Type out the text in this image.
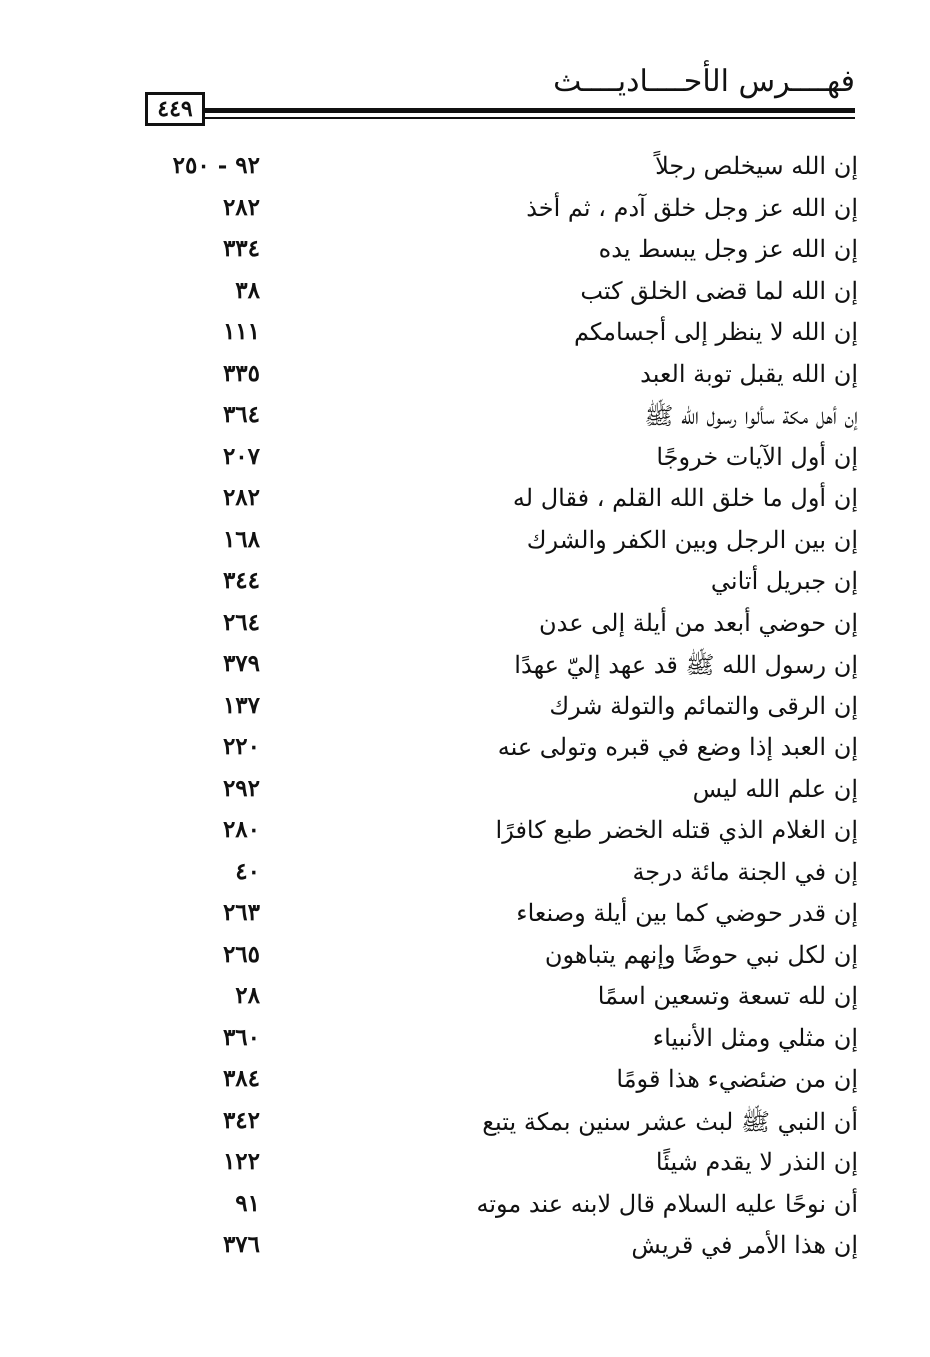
فهــــرس الأحــــاديــــث
٤٤٩
إن الله سيخلص رجلاً
٩٢ - ٢٥٠
إن الله عز وجل خلق آدم ، ثم أخذ
٢٨٢
إن الله عز وجل يبسط يده
٣٣٤
إن الله لما قضى الخلق كتب
٣٨
إن الله لا ينظر إلى أجسامكم
١١١
إن الله يقبل توبة العبد
٣٣٥
إن أهل مكة سألوا رسول الله ﷺ
٣٦٤
إن أول الآيات خروجًا
٢٠٧
إن أول ما خلق الله القلم ، فقال له
٢٨٢
إن بين الرجل وبين الكفر والشرك
١٦٨
إن جبريل أتاني
٣٤٤
إن حوضي أبعد من أيلة إلى عدن
٢٦٤
إن رسول الله ﷺ قد عهد إليّ عهدًا
٣٧٩
إن الرقى والتمائم والتولة شرك
١٣٧
إن العبد إذا وضع في قبره وتولى عنه
٢٢٠
إن علم الله ليس
٢٩٢
إن الغلام الذي قتله الخضر طبع كافرًا
٢٨٠
إن في الجنة مائة درجة
٤٠
إن قدر حوضي كما بين أيلة وصنعاء
٢٦٣
إن لكل نبي حوضًا وإنهم يتباهون
٢٦٥
إن لله تسعة وتسعين اسمًا
٢٨
إن مثلي ومثل الأنبياء
٣٦٠
إن من ضئضيء هذا قومًا
٣٨٤
أن النبي ﷺ لبث عشر سنين بمكة يتبع
٣٤٢
إن النذر لا يقدم شيئًا
١٢٢
أن نوحًا عليه السلام قال لابنه عند موته
٩١
إن هذا الأمر في قريش
٣٧٦
